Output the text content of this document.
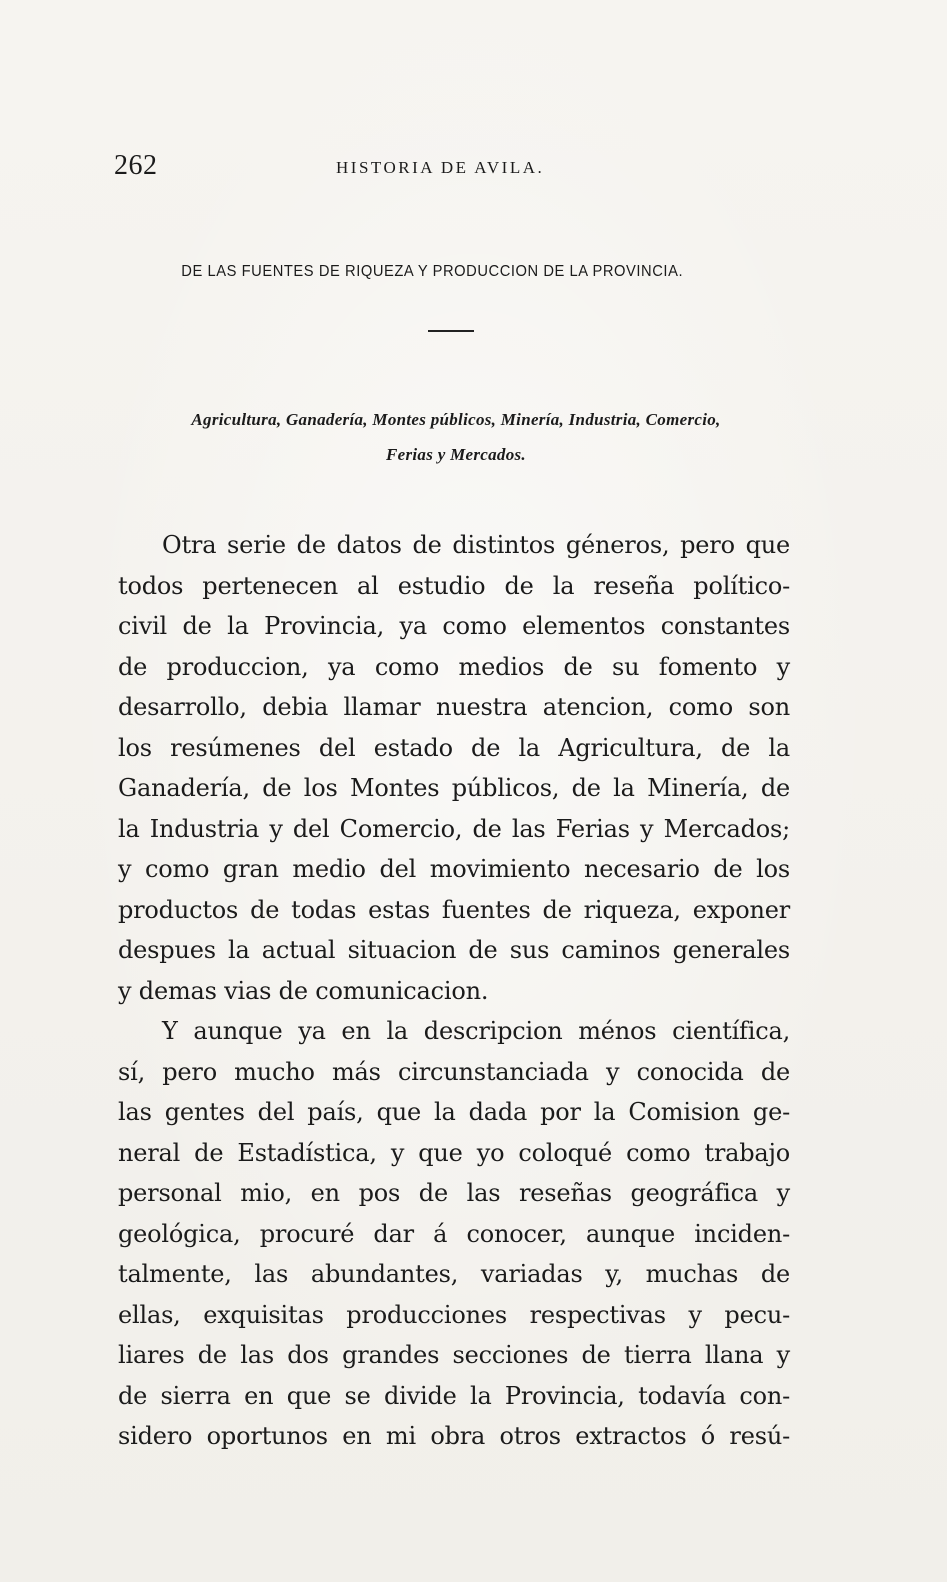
262	HISTORIA DE AVILA.
DE LAS FUENTES DE RIQUEZA Y PRODUCCION DE LA PROVINCIA.
Agricultura, Ganadería, Montes públicos, Minería, Industria, Comercio,
Ferias y Mercados.
Otra serie de datos de distintos géneros, pero que
todos pertenecen al estudio de la reseña político-
civil de la Provincia, ya como elementos constantes
de produccion, ya como medios de su fomento y
desarrollo, debia llamar nuestra atencion, como son
los resúmenes del estado de la Agricultura, de la
Ganadería, de los Montes públicos, de la Minería, de
la Industria y del Comercio, de las Ferias y Mercados;
y como gran medio del movimiento necesario de los
productos de todas estas fuentes de riqueza, exponer
despues la actual situacion de sus caminos generales
y demas vias de comunicacion.
Y aunque ya en la descripcion ménos científica,
sí, pero mucho más circunstanciada y conocida de
las gentes del país, que la dada por la Comision ge-
neral de Estadística, y que yo coloqué como trabajo
personal mio, en pos de las reseñas geográfica y
geológica, procuré dar á conocer, aunque inciden-
talmente, las abundantes, variadas y, muchas de
ellas, exquisitas producciones respectivas y pecu-
liares de las dos grandes secciones de tierra llana y
de sierra en que se divide la Provincia, todavía con-
sidero oportunos en mi obra otros extractos ó resú-
